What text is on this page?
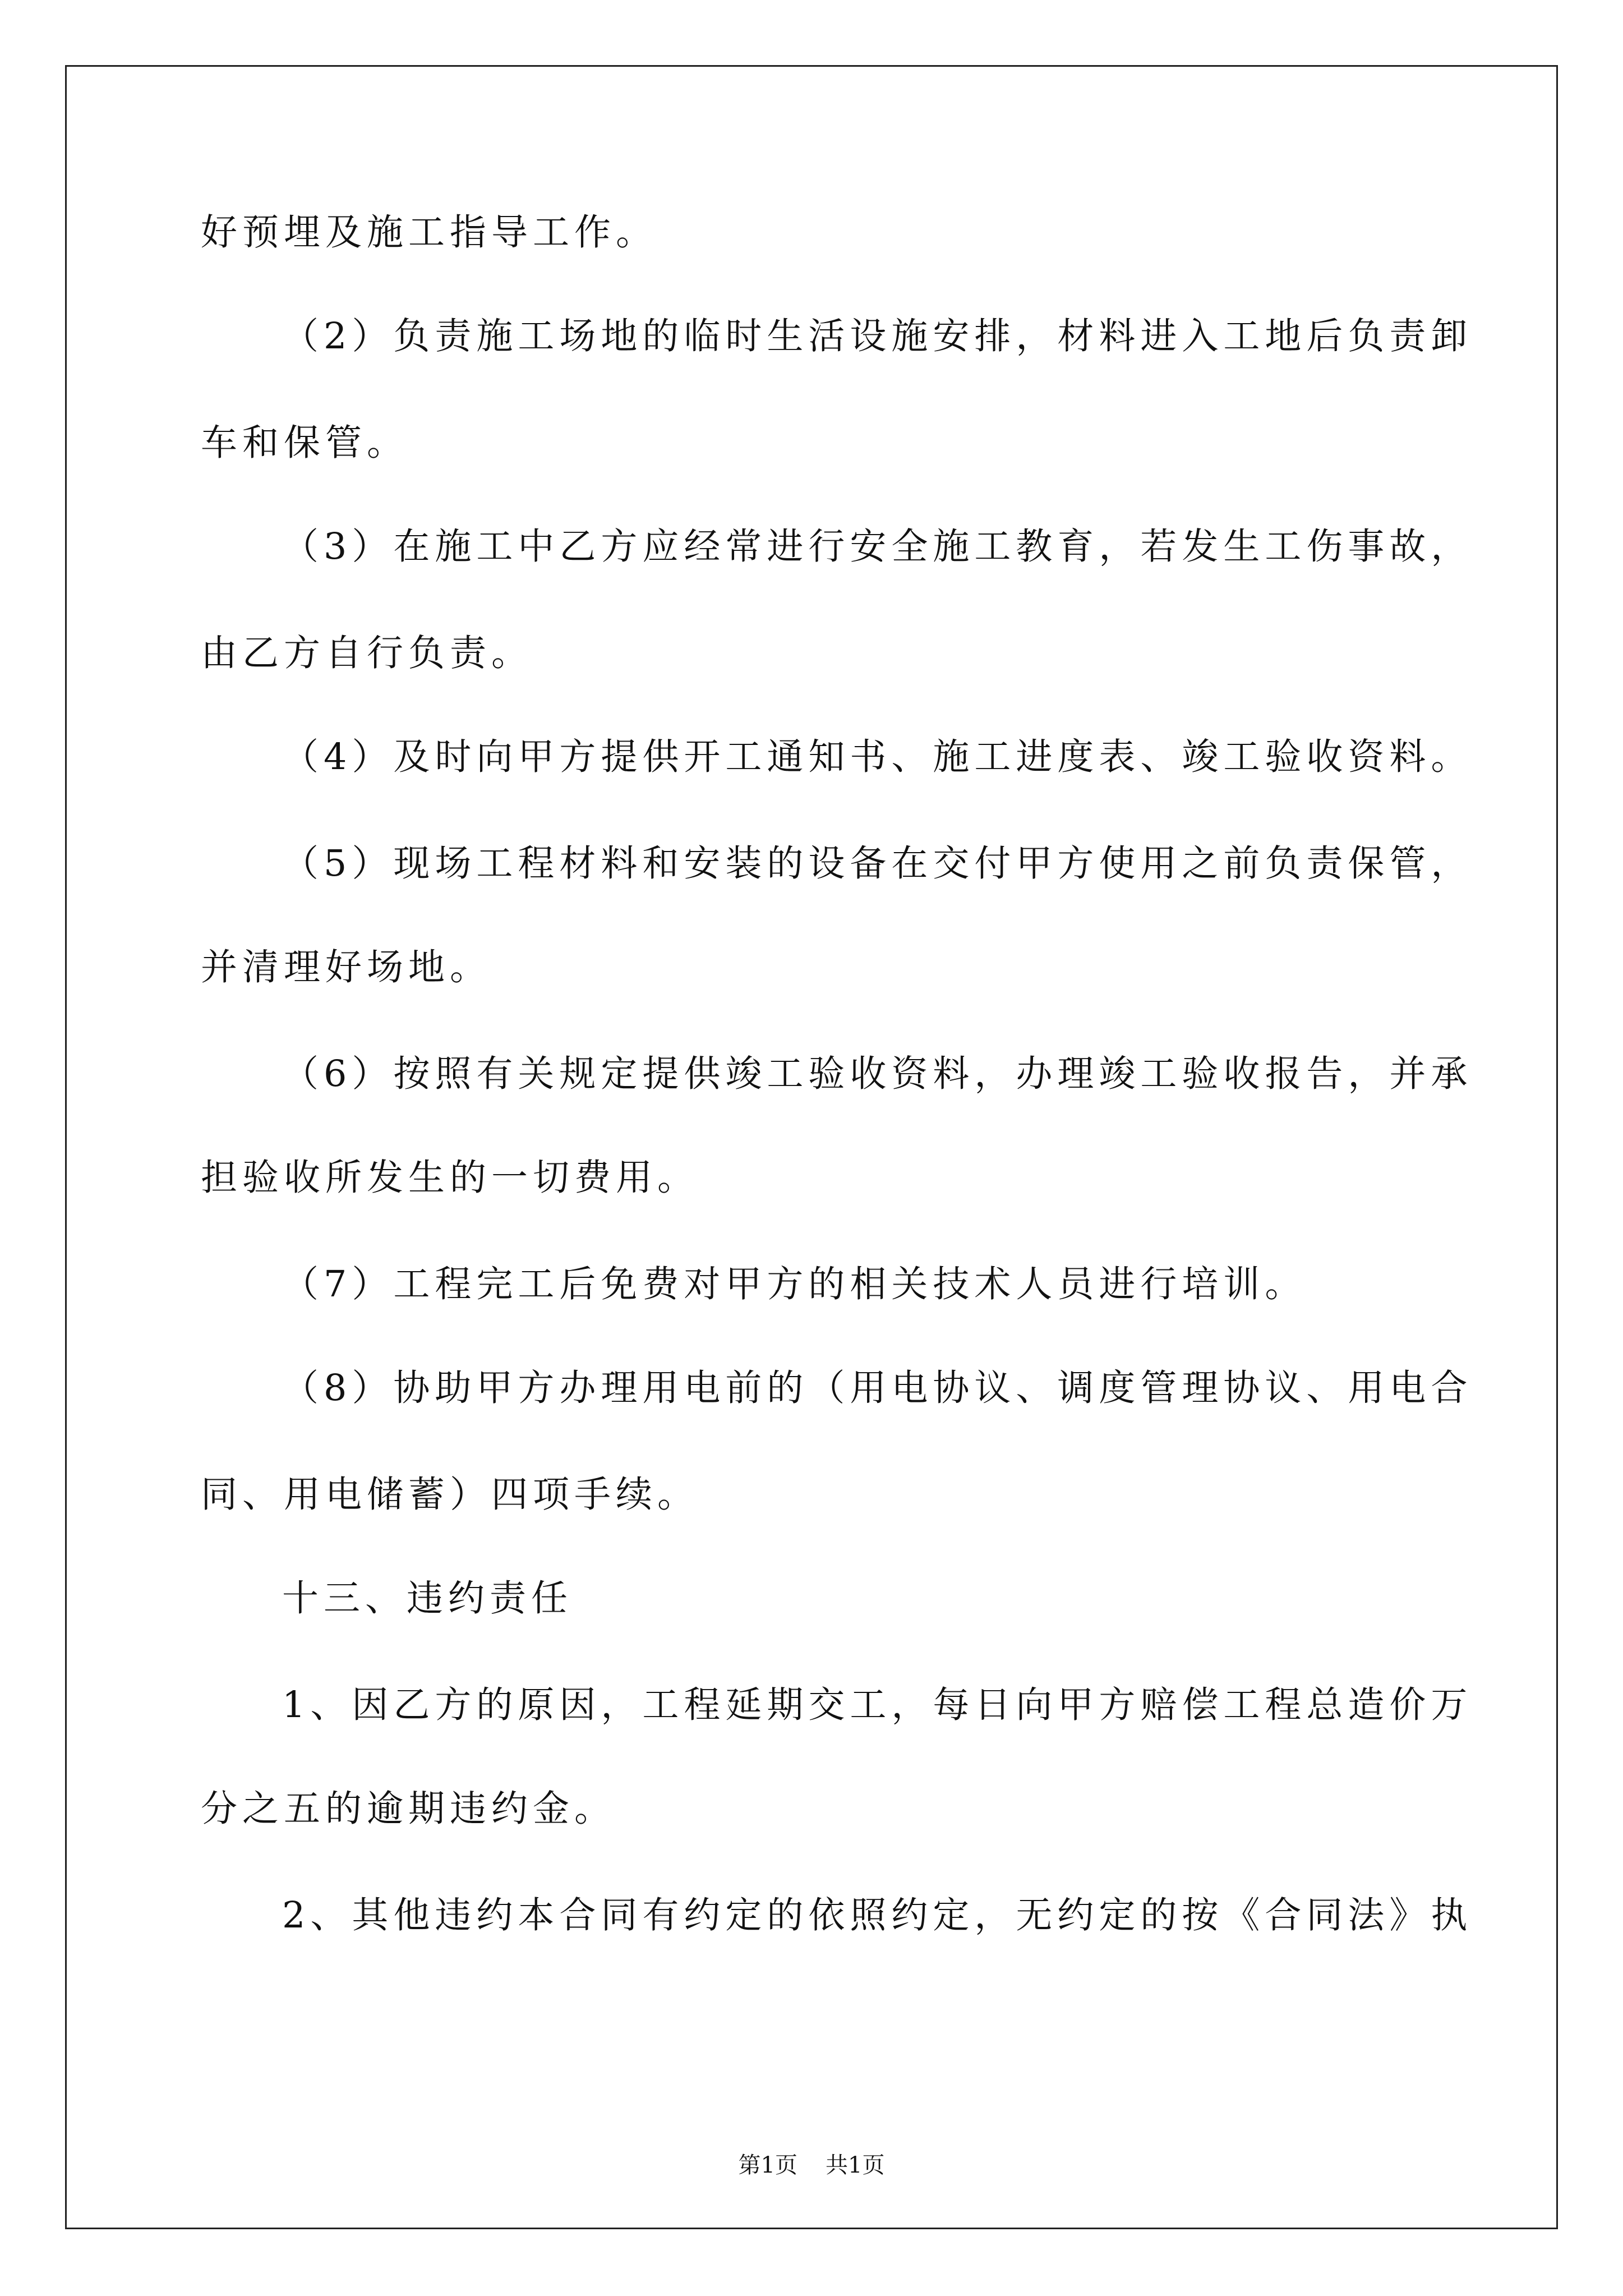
好预埋及施工指导工作。
（2）负责施工场地的临时生活设施安排，材料进入工地后负责卸
车和保管。
（3）在施工中乙方应经常进行安全施工教育，若发生工伤事故，
由乙方自行负责。
（4）及时向甲方提供开工通知书、施工进度表、竣工验收资料。
（5）现场工程材料和安装的设备在交付甲方使用之前负责保管，
并清理好场地。
（6）按照有关规定提供竣工验收资料，办理竣工验收报告，并承
担验收所发生的一切费用。
（7）工程完工后免费对甲方的相关技术人员进行培训。
（8）协助甲方办理用电前的（用电协议、调度管理协议、用电合
同、用电储蓄）四项手续。
十三、违约责任
1、因乙方的原因，工程延期交工，每日向甲方赔偿工程总造价万
分之五的逾期违约金。
2、其他违约本合同有约定的依照约定，无约定的按《合同法》执
第1页 共1页
